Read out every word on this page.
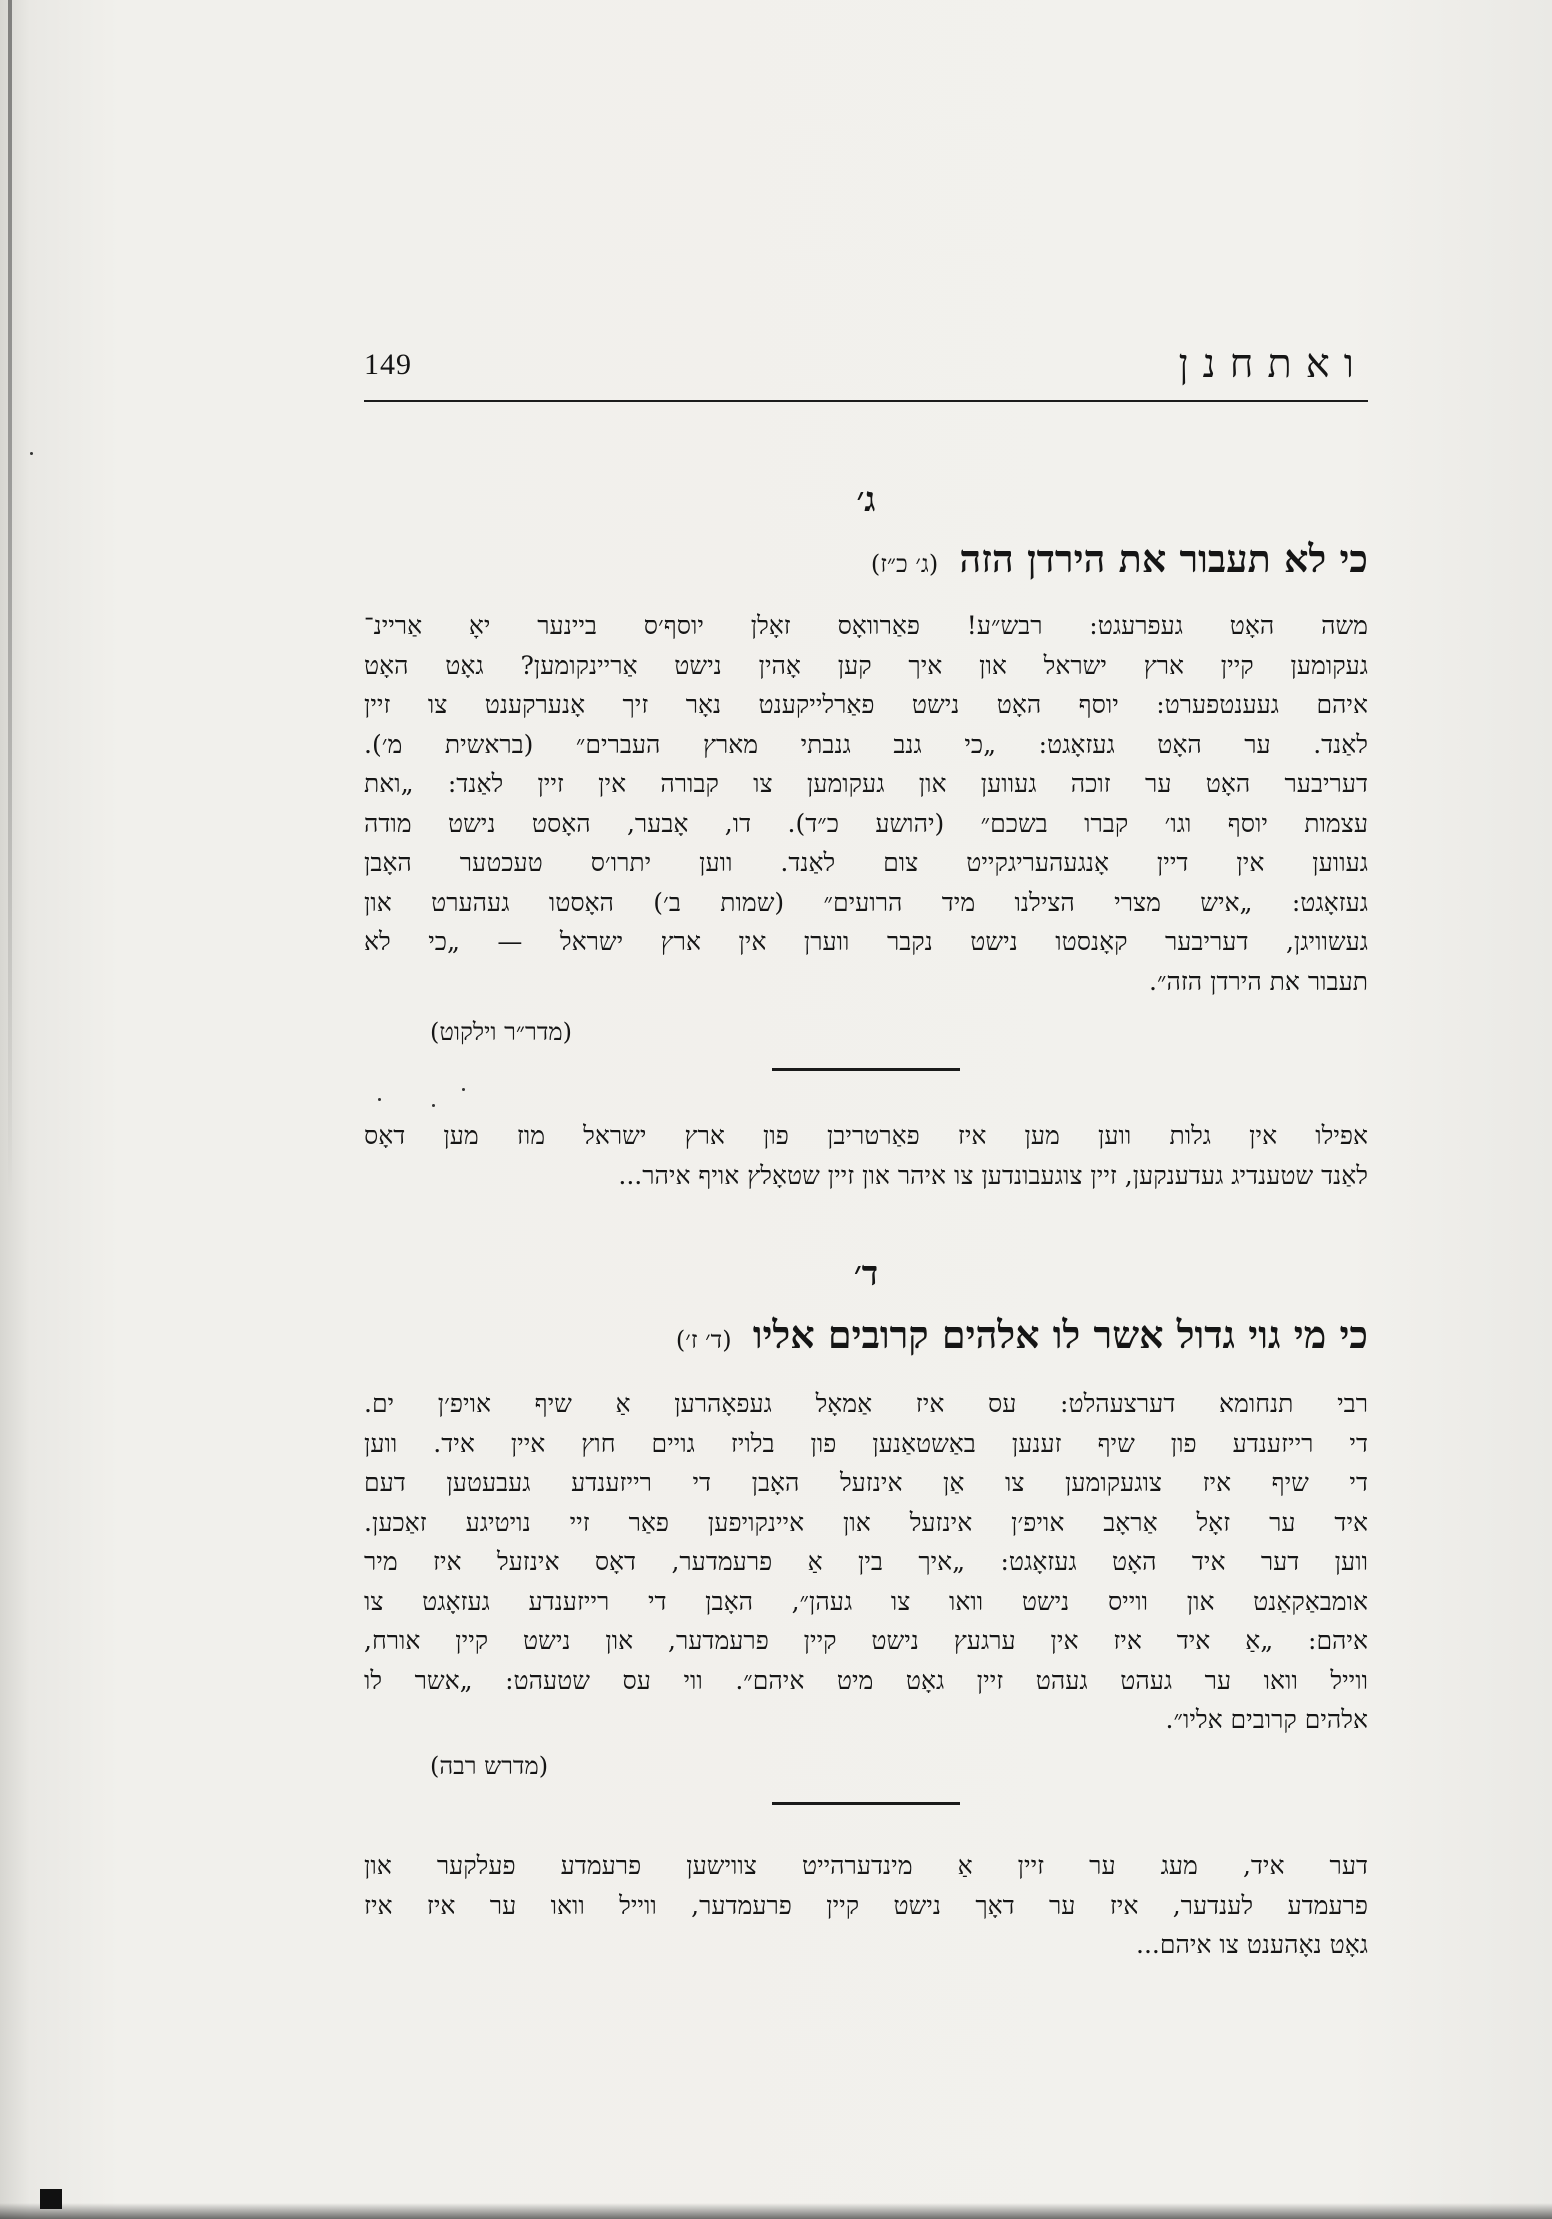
149	ואתחנן
ג׳
כי לא תעבור את הירדן הזה (ג׳ כ״ז)
משה האָט געפרעגט: רבש״ע! פאַרוואָס זאָלן יוסף׳ס ביינער יאָ אַריינ־
געקומען קיין ארץ ישראל און איך קען אָהין נישט אַריינקומען? גאָט האָט
איהם געענטפערט: יוסף האָט נישט פאַרלייקענט נאָר זיך אָנערקענט צו זיין
לאַנד. ער האָט געזאָגט: „כי גנב גנבתי מארץ העברים״ (בראשית מ׳).
דעריבער האָט ער זוכה געווען און געקומען צו קבורה אין זיין לאַנד: „ואת
עצמות יוסף וגו׳ קברו בשכם״ (יהושע כ״ד). דו, אָבער, האָסט נישט מודה
געווען אין דיין אָנגעהעריגקייט צום לאַנד. ווען יתרו׳ס טעכטער האָבן
געזאָגט: „איש מצרי הצילנו מיד הרועים״ (שמות ב׳) האָסטו געהערט און
געשוויגן, דעריבער קאָנסטו נישט נקבר ווערן אין ארץ ישראל — „כי לא
תעבור את הירדן הזה״.
(מדר״ר וילקוט)
אפילו אין גלות ווען מען איז פאַרטריבן פון ארץ ישראל מוז מען דאָס
לאַנד שטענדיג געדענקען, זיין צוגעבונדען צו איהר און זיין שטאָלץ אויף איהר...
ד׳
כי מי גוי גדול אשר לו אלהים קרובים אליו (ד׳ ז׳)
רבי תנחומא דערצעהלט: עס איז אַמאָל געפאָהרען אַ שיף אויפ׳ן ים.
די רייזענדע פון שיף זענען באַשטאַנען פון בלויז גויים חוץ איין איד. ווען
די שיף איז צוגעקומען צו אַן אינזעל האָבן די רייזענדע געבעטען דעם
איד ער זאָל אַראָב אויפ׳ן אינזעל און איינקויפען פאַר זיי נויטיגע זאַכען.
ווען דער איד האָט געזאָגט: „איך בין אַ פרעמדער, דאָס אינזעל איז מיר
אומבאַקאַנט און ווייס נישט וואו צו געהן״, האָבן די רייזענדע געזאָגט צו
איהם: „אַ איד איז אין ערגעץ נישט קיין פרעמדער, און נישט קיין אורח,
ווייל וואו ער געהט געהט זיין גאָט מיט איהם״. ווי עס שטעהט: „אשר לו
אלהים קרובים אליו״.
(מדרש רבה)
דער איד, מעג ער זיין אַ מינדערהייט צווישען פרעמדע פעלקער און
פרעמדע לענדער, איז ער דאָך נישט קיין פרעמדער, ווייל וואו ער איז איז
גאָט נאָהענט צו איהם...
